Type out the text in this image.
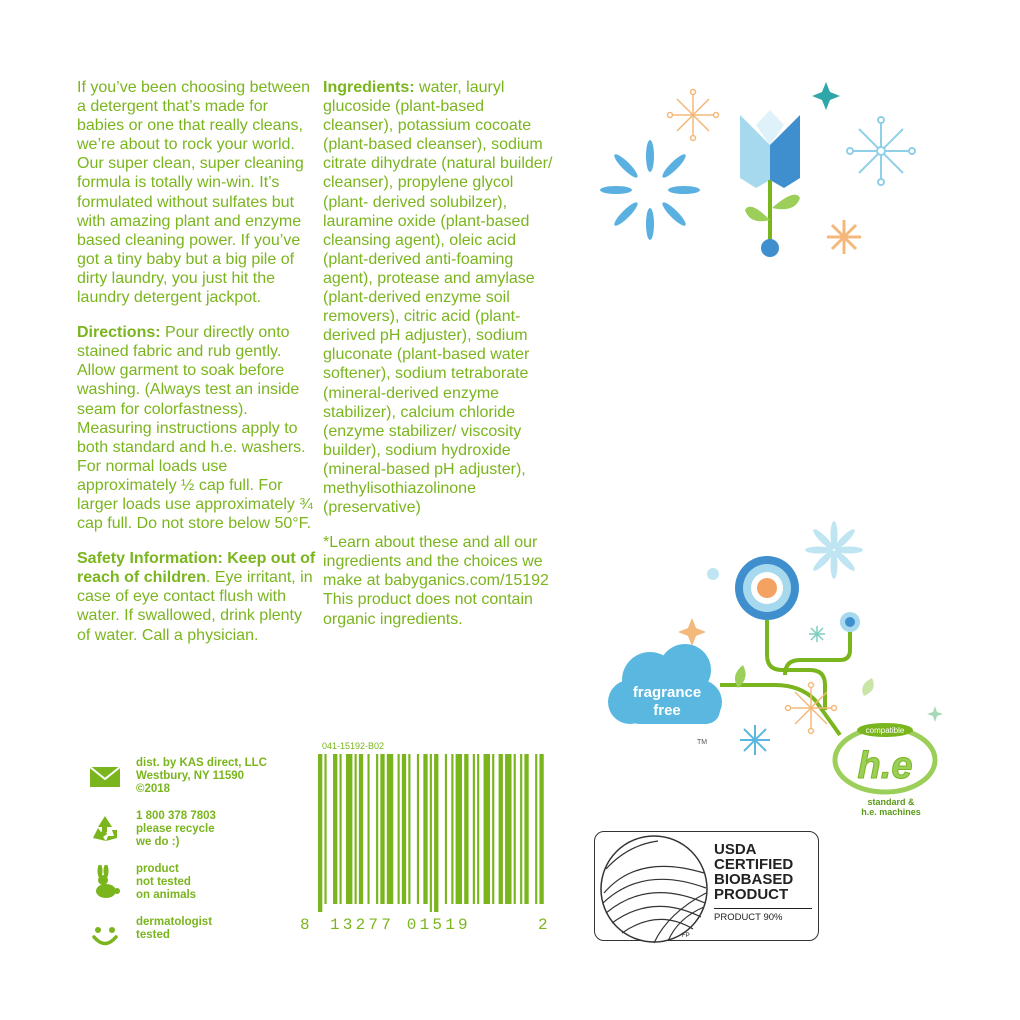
If you’ve been choosing between a detergent that’s made for babies or one that really cleans, we’re about to rock your world. Our super clean, super cleaning formula is totally win-win. It’s formulated without sulfates but with amazing plant and enzyme based cleaning power. If you’ve got a tiny baby but a big pile of dirty laundry, you just hit the laundry detergent jackpot.

Directions: Pour directly onto stained fabric and rub gently. Allow garment to soak before washing. (Always test an inside seam for colorfastness). Measuring instructions apply to both standard and h.e. washers. For normal loads use approximately ½ cap full. For larger loads use approximately ¾ cap full. Do not store below 50°F.

Safety Information: Keep out of reach of children. Eye irritant, in case of eye contact flush with water. If swallowed, drink plenty of water. Call a physician.

Ingredients: water, lauryl glucoside (plant-based cleanser), potassium cocoate (plant-based cleanser), sodium citrate dihydrate (natural builder/ cleanser), propylene glycol (plant- derived solubilzer), lauramine oxide (plant-based cleansing agent), oleic acid (plant-derived anti-foaming agent), protease and amylase (plant-derived enzyme soil removers), citric acid (plant-derived pH adjuster), sodium gluconate (plant-based water softener), sodium tetraborate (mineral-derived enzyme stabilizer), calcium chloride (enzyme stabilizer/ viscosity builder), sodium hydroxide (mineral-based pH adjuster), methylisothiazolinone (preservative)

*Learn about these and all our ingredients and the choices we make at babyganics.com/15192
This product does not contain organic ingredients.

dist. by KAS direct, LLC
Westbury, NY 11590
©2018
1 800 378 7803
please recycle
we do :)
product
not tested
on animals
dermatologist
tested
041-15192-B02
8 13277 01519	2
compatible
h.e
fragrance
free
TM
standard &
h.e. machines
USDA
CERTIFIED
BIOBASED
PRODUCT
PRODUCT 90%
FP
